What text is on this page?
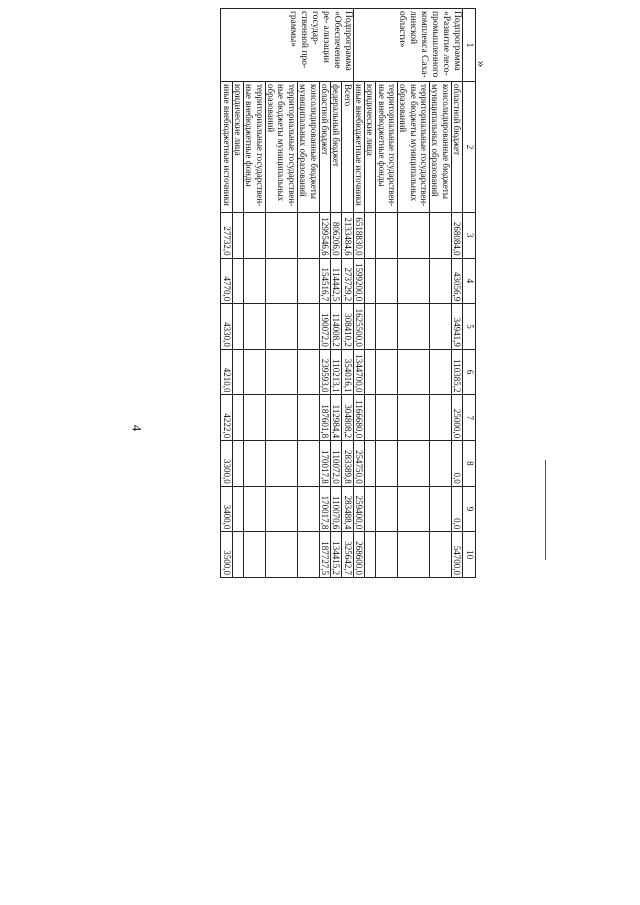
4
»
1	2	3	4	5	6	7	8	9	10
Подпрограмма «Развитие лесо- промышленного комплекса Саха- линской области»	областной бюджет	268084,0	43056,9	34941,9	110385,2	25000,0	0,0	0,0	54700,0
	консолидированные бюджеты муниципальных образований								
	территориальные государствен- ные бюджеты муниципальных образований								
	территориальные государствен- ные внебюджетные фонды								
	юридические лица								
	иные внебюджетные источники	6518830,0	1599200,0	1625500,0	1344700,0	1166680,0	254750,0	259400,0	268600,0
Подпрограмма «Обеспечение ре- ализации государ- ственной про- граммы»	Всего	2133484,6	273729,2	308410,2	354016,1	304808,2	283389,8	283488,4	325642,7
	федеральный бюджет	806206,0	114442,5	114008,2	110213,1	112984,4	110072,0	110070,6	134415,2
	областной бюджет	1299546,6	154516,7	190072,0	239593,0	187601,8	170017,8	170017,8	187727,5
	консолидированные бюджеты муниципальных образований								
	территориальные государствен- ные бюджеты муниципальных образований								
	территориальные государствен- ные внебюджетные фонды								
	юридические лица								
	иные внебюджетные источники	27732,0	4770,0	4330,0	4210,0	4222,0	3300,0	3400,0	3500,0
